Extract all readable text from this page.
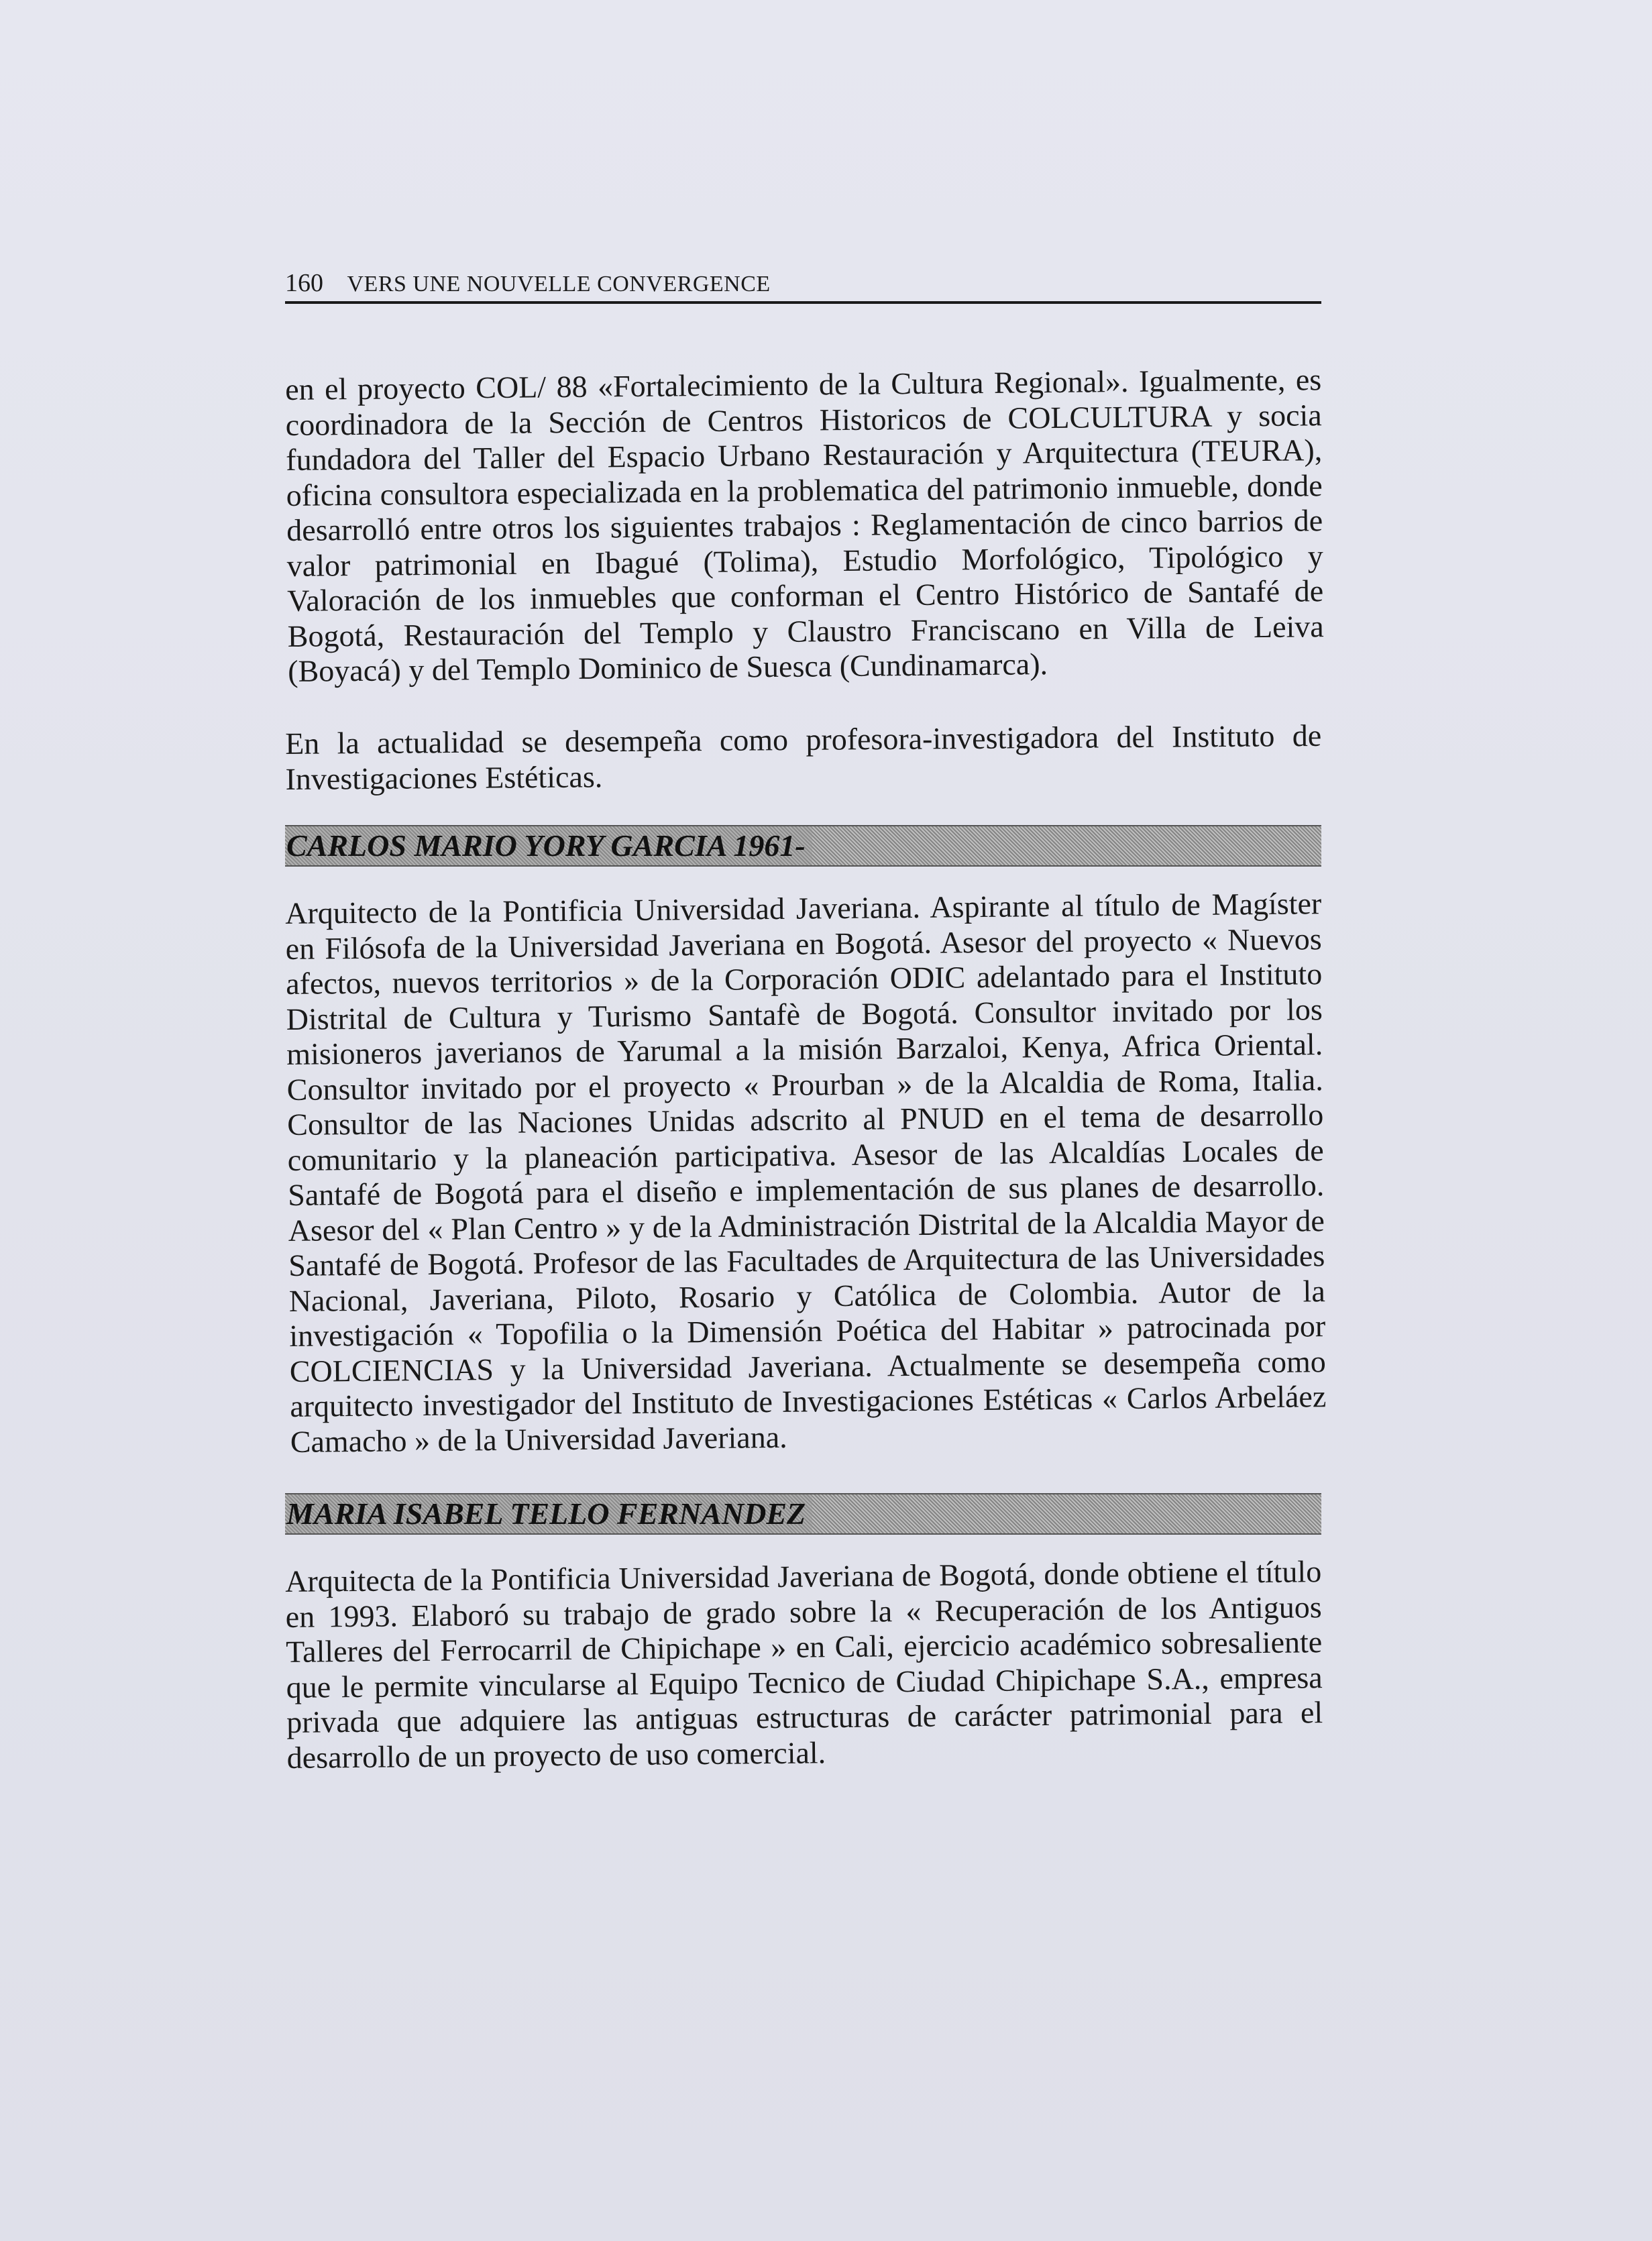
160 VERS UNE NOUVELLE CONVERGENCE

en el proyecto COL/ 88 «Fortalecimiento de la Cultura Regional». Igualmente, es coordinadora de la Sección de Centros Historicos de COLCULTURA y socia fundadora del Taller del Espacio Urbano Restauración y Arquitectura (TEURA), oficina consultora especializada en la problematica del patrimonio inmueble, donde desarrolló entre otros los siguientes trabajos : Reglamentación de cinco barrios de valor patrimonial en Ibagué (Tolima), Estudio Morfológico, Tipológico y Valoración de los inmuebles que conforman el Centro Histórico de Santafé de Bogotá, Restauración del Templo y Claustro Franciscano en Villa de Leiva (Boyacá) y del Templo Dominico de Suesca (Cundinamarca).

En la actualidad se desempeña como profesora-investigadora del Instituto de Investigaciones Estéticas.

CARLOS MARIO YORY GARCIA 1961-

Arquitecto de la Pontificia Universidad Javeriana. Aspirante al título de Magíster en Filósofa de la Universidad Javeriana en Bogotá. Asesor del proyecto « Nuevos afectos, nuevos territorios » de la Corporación ODIC adelantado para el Instituto Distrital de Cultura y Turismo Santafè de Bogotá. Consultor invitado por los misioneros javerianos de Yarumal a la misión Barzaloi, Kenya, Africa Oriental. Consultor invitado por el proyecto « Prourban » de la Alcaldia de Roma, Italia. Consultor de las Naciones Unidas adscrito al PNUD en el tema de desarrollo comunitario y la planeación participativa. Asesor de las Alcaldías Locales de Santafé de Bogotá para el diseño e implementación de sus planes de desarrollo. Asesor del « Plan Centro » y de la Administración Distrital de la Alcaldia Mayor de Santafé de Bogotá. Profesor de las Facultades de Arquitectura de las Universidades Nacional, Javeriana, Piloto, Rosario y Católica de Colombia. Autor de la investigación « Topofilia o la Dimensión Poética del Habitar » patrocinada por COLCIENCIAS y la Universidad Javeriana. Actualmente se desempeña como arquitecto investigador del Instituto de Investigaciones Estéticas « Carlos Arbeláez Camacho » de la Universidad Javeriana.

MARIA ISABEL TELLO FERNANDEZ

Arquitecta de la Pontificia Universidad Javeriana de Bogotá, donde obtiene el título en 1993. Elaboró su trabajo de grado sobre la « Recuperación de los Antiguos Talleres del Ferrocarril de Chipichape » en Cali, ejercicio académico sobresaliente que le permite vincularse al Equipo Tecnico de Ciudad Chipichape S.A., empresa privada que adquiere las antiguas estructuras de carácter patrimonial para el desarrollo de un proyecto de uso comercial.
